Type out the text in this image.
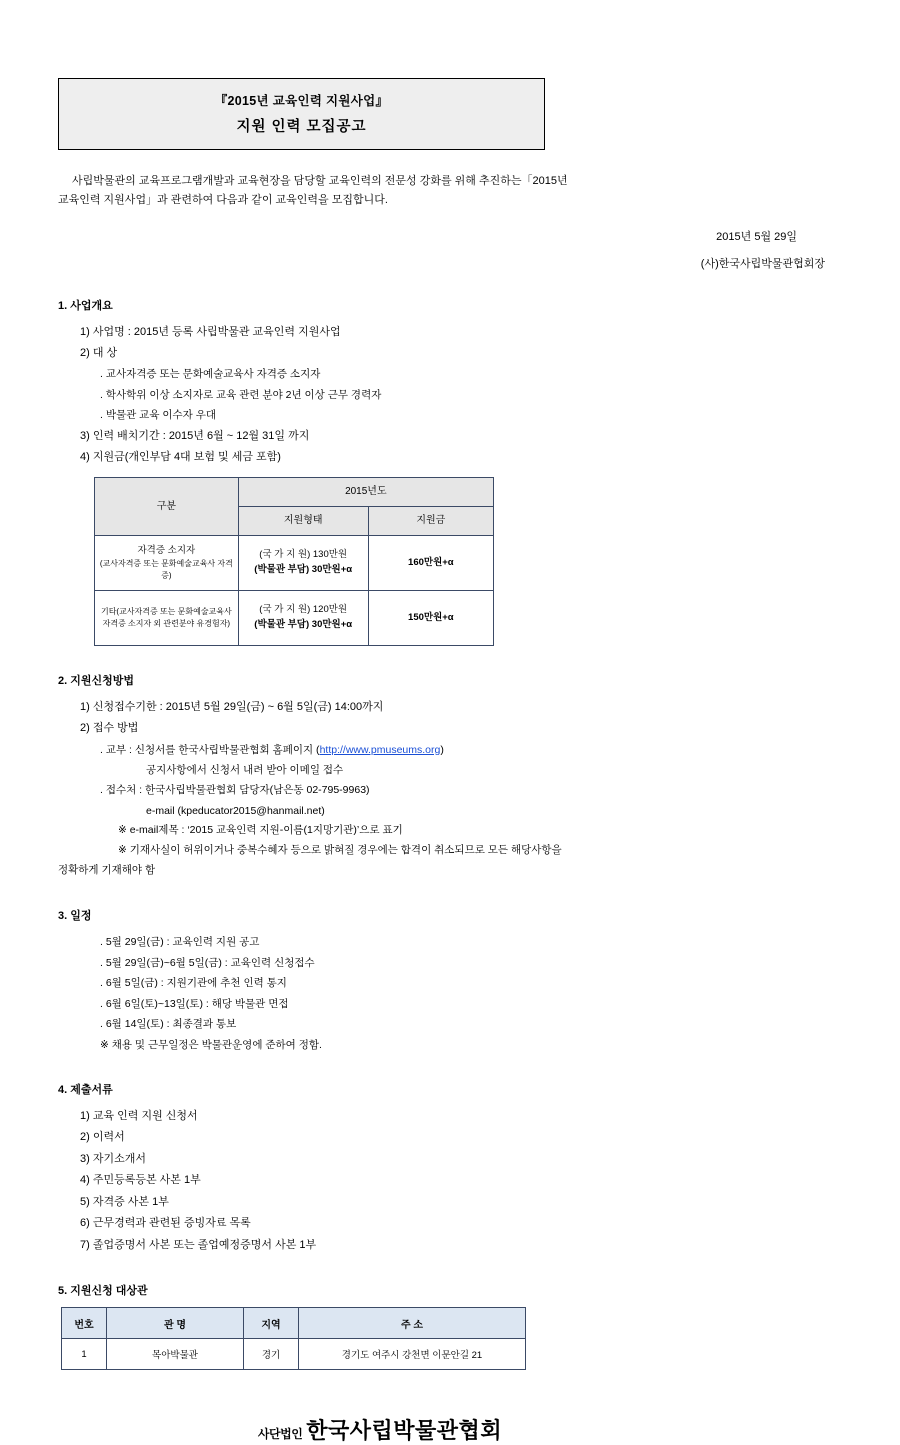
『2015년 교육인력 지원사업』
지원 인력 모집공고
사립박물관의 교육프로그램개발과 교육현장을 담당할 교육인력의 전문성 강화를 위해 추진하는「2015년
교육인력 지원사업」과 관련하여 다음과 같이 교육인력을 모집합니다.
2015년 5월 29일
(사)한국사립박물관협회장
1. 사업개요
1) 사업명 : 2015년 등록 사립박물관 교육인력 지원사업
2) 대 상
. 교사자격증 또는 문화예술교육사 자격증 소지자
. 학사학위 이상 소지자로 교육 관련 분야 2년 이상 근무 경력자
. 박물관 교육 이수자 우대
3) 인력 배치기간 : 2015년 6월 ~ 12월 31일 까지
4) 지원금(개인부담 4대 보험 및 세금 포함)
구분	2015년도	
	지원형태	지원금
자격증 소지자
(교사자격증 또는 문화예술교육사 자격증)	(국 가 지 원) 130만원
(박물관 부담) 30만원+α	160만원+α

기타(교사자격증 또는 문화예술교육사
자격증 소지자 외 관련분야 유경험자)	(국 가 지 원) 120만원
(박물관 부담) 30만원+α	150만원+α
2. 지원신청방법
1) 신청접수기한 : 2015년 5월 29일(금) ~ 6월 5일(금) 14:00까지
2) 접수 방법
. 교부 : 신청서를 한국사립박물관협회 홈페이지 (http://www.pmuseums.org)
공지사항에서 신청서 내려 받아 이메일 접수
. 접수처 : 한국사립박물관협회 담당자(남은동 02-795-9963)
e-mail (kpeducator2015@hanmail.net)
※ e-mail제목 : ‘2015 교육인력 지원-이름(1지망기관)’으로 표기
※ 기재사실이 허위이거나 중복수혜자 등으로 밝혀질 경우에는 합격이 취소되므로 모든 해당사항을
정확하게 기재해야 함
3. 일정
. 5월 29일(금) : 교육인력 지원 공고
. 5월 29일(금)~6월 5일(금) : 교육인력 신청접수
. 6월 5일(금) : 지원기관에 추천 인력 통지
. 6월 6일(토)~13일(토) : 해당 박물관 면접
. 6월 14일(토) : 최종결과 통보
※ 채용 및 근무일정은 박물관운영에 준하여 정함.
4. 제출서류
1) 교육 인력 지원 신청서
2) 이력서
3) 자기소개서
4) 주민등록등본 사본 1부
5) 자격증 사본 1부
6) 근무경력과 관련된 증빙자료 목록
7) 졸업증명서 사본 또는 졸업예정증명서 사본 1부
5. 지원신청 대상관
번호	관 명	지역	주 소
1	목아박물관	경기	경기도 여주시 강천면 이문안길 21
사단법인 한국사립박물관협회
